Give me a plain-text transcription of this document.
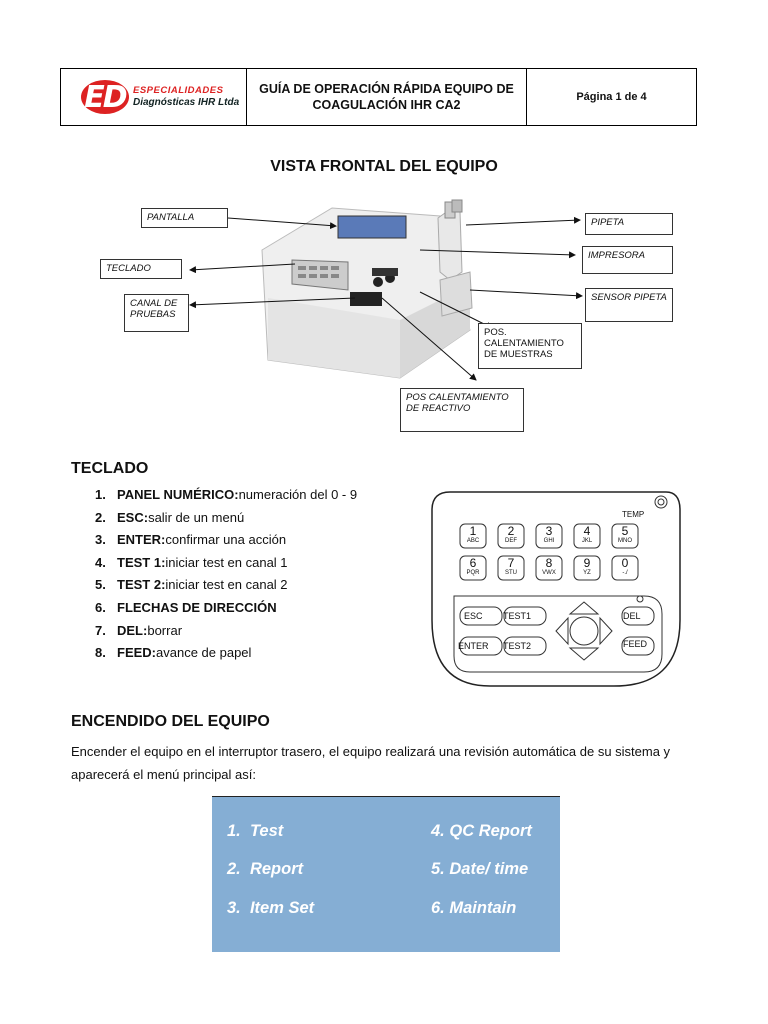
ED ESPECIALIDADES
Diagnósticas IHR Ltda
GUÍA DE OPERACIÓN RÁPIDA EQUIPO DE COAGULACIÓN IHR CA2
Página 1 de 4
VISTA FRONTAL DEL EQUIPO
PANTALLA
TECLADO
CANAL DE PRUEBAS
PIPETA
IMPRESORA
SENSOR PIPETA
POS. CALENTAMIENTO DE MUESTRAS
POS CALENTAMIENTO DE REACTIVO
TECLADO
1. PANEL NUMÉRICO: numeración del 0 - 9
2. ESC: salir de un menú
3. ENTER: confirmar una acción
4. TEST 1: iniciar test en canal 1
5. TEST 2: iniciar test en canal 2
6. FLECHAS DE DIRECCIÓN
7. DEL: borrar
8. FEED: avance de papel
TEMP
1
ABC
2
DEF
3
GHI
4
JKL
5
MNO
6
PQR
7
STU
8
VWX
9
YZ
0
-./
ESC TEST1
ENTER TEST2
DEL
FEED
ENCENDIDO DEL EQUIPO
Encender el equipo en el interruptor trasero, el equipo realizará una revisión automática de su sistema y aparecerá el menú principal así:
1. Test
2. Report
3. Item Set
4. QC Report
5. Date/ time
6. Maintain
